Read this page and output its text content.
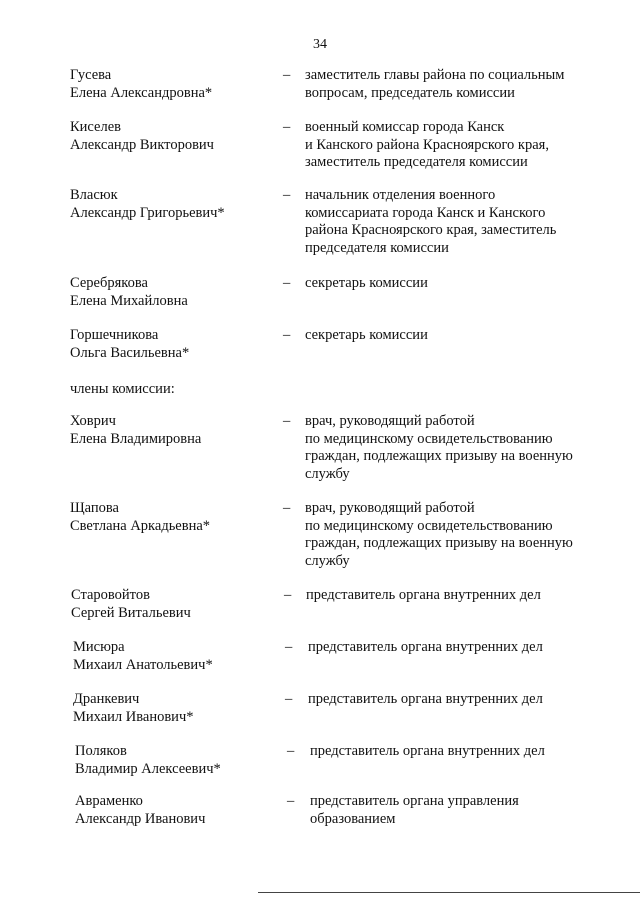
34
Гусева
Елена Александровна*
– заместитель главы района по социальным
вопросам, председатель комиссии
Киселев
Александр Викторович
– военный комиссар города Канск
и Канского района Красноярского края,
заместитель председателя комиссии
Власюк
Александр Григорьевич*
– начальник отделения военного
комиссариата города Канск и Канского
района Красноярского края, заместитель
председателя комиссии
Серебрякова
Елена Михайловна
– секретарь комиссии
Горшечникова
Ольга Васильевна*
– секретарь комиссии
члены комиссии:
Ховрич
Елена Владимировна
– врач, руководящий работой
по медицинскому освидетельствованию
граждан, подлежащих призыву на военную
службу
Щапова
Светлана Аркадьевна*
– врач, руководящий работой
по медицинскому освидетельствованию
граждан, подлежащих призыву на военную
службу
Старовойтов
Сергей Витальевич
– представитель органа внутренних дел
Мисюра
Михаил Анатольевич*
– представитель органа внутренних дел
Дранкевич
Михаил Иванович*
– представитель органа внутренних дел
Поляков
Владимир Алексеевич*
– представитель органа внутренних дел
Авраменко
Александр Иванович
– представитель органа управления
образованием
